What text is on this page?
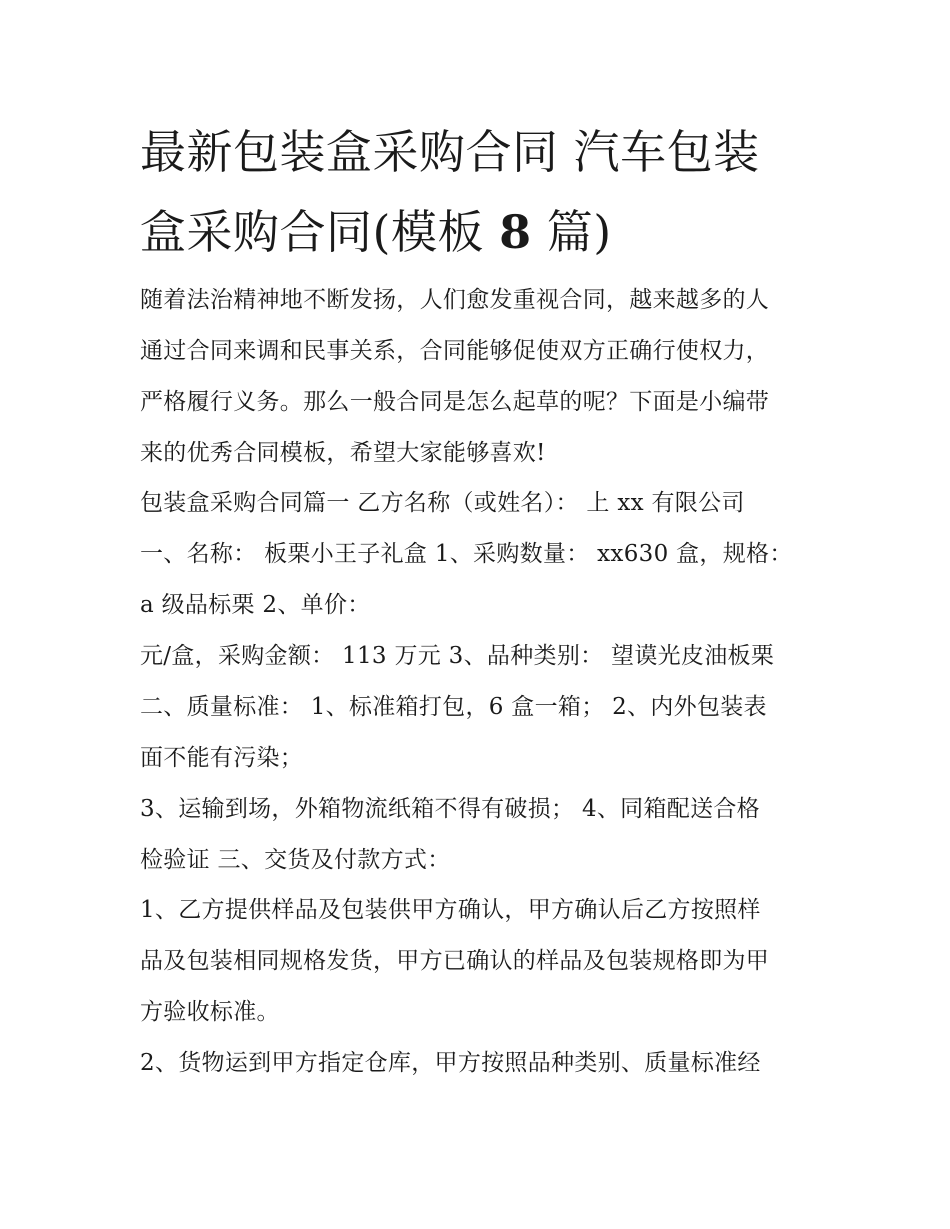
最新包装盒采购合同 汽车包装
盒采购合同(模板 8 篇)
随着法治精神地不断发扬，人们愈发重视合同，越来越多的人
通过合同来调和民事关系，合同能够促使双方正确行使权力，
严格履行义务。那么一般合同是怎么起草的呢？下面是小编带
来的优秀合同模板，希望大家能够喜欢!
包装盒采购合同篇一 乙方名称（或姓名）： 上 xx 有限公司
一、名称： 板栗小王子礼盒 1、采购数量： xx630 盒，规格：
a 级品标栗 2、单价：
元/盒，采购金额： 113 万元 3、品种类别： 望谟光皮油板栗
二、质量标准： 1、标准箱打包，6 盒一箱； 2、内外包装表
面不能有污染；
3、运输到场，外箱物流纸箱不得有破损； 4、同箱配送合格
检验证 三、交货及付款方式：
1、乙方提供样品及包装供甲方确认，甲方确认后乙方按照样
品及包装相同规格发货，甲方已确认的样品及包装规格即为甲
方验收标准。
2、货物运到甲方指定仓库，甲方按照品种类别、质量标准经
